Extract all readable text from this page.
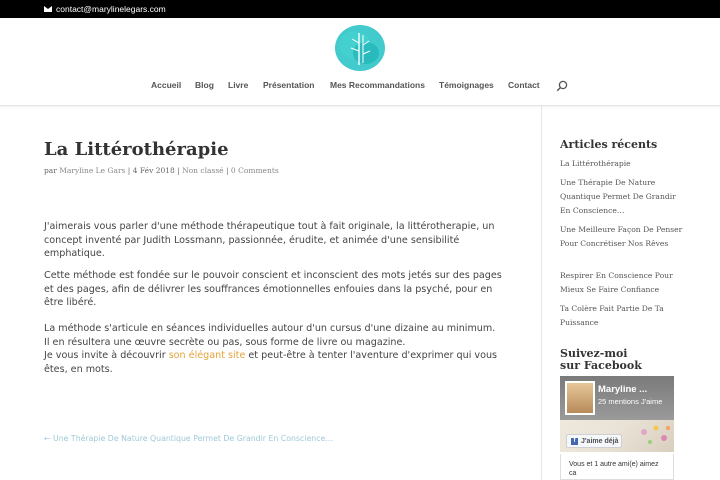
contact@marylinelegars.com
Accueil Blog Livre Présentation Mes Recommandations Témoignages Contact
La Littérothérapie
par Maryline Le Gars | 4 Fév 2018 | Non classé | 0 Comments

J'aimerais vous parler d'une méthode thérapeutique tout à fait originale, la littérotherapie, un concept inventé par Judith Lossmann, passionnée, érudite, et animée d'une sensibilité emphatique.

Cette méthode est fondée sur le pouvoir conscient et inconscient des mots jetés sur des pages et des pages, afin de délivrer les souffrances émotionnelles enfouies dans la psyché, pour en être libéré.

La méthode s'articule en séances individuelles autour d'un cursus d'une dizaine au minimum.
Il en résultera une œuvre secrète ou pas, sous forme de livre ou magazine.
Je vous invite à découvrir son élégant site et peut-être à tenter l'aventure d'exprimer qui vous êtes, en mots.
← Une Thérapie De Nature Quantique Permet De Grandir En Conscience…
Articles récents
La Littérothérapie
Une Thérapie De Nature Quantique Permet De Grandir En Conscience…
Une Meilleure Façon De Penser Pour Concrétiser Nos Rêves
Respirer En Conscience Pour Mieux Se Faire Confiance
Ta Colère Fait Partie De Ta Puissance
Suivez-moi sur Facebook
Maryline ...
25 mentions J'aime
f J'aime déjà
Vous et 1 autre ami(e) aimez ca
